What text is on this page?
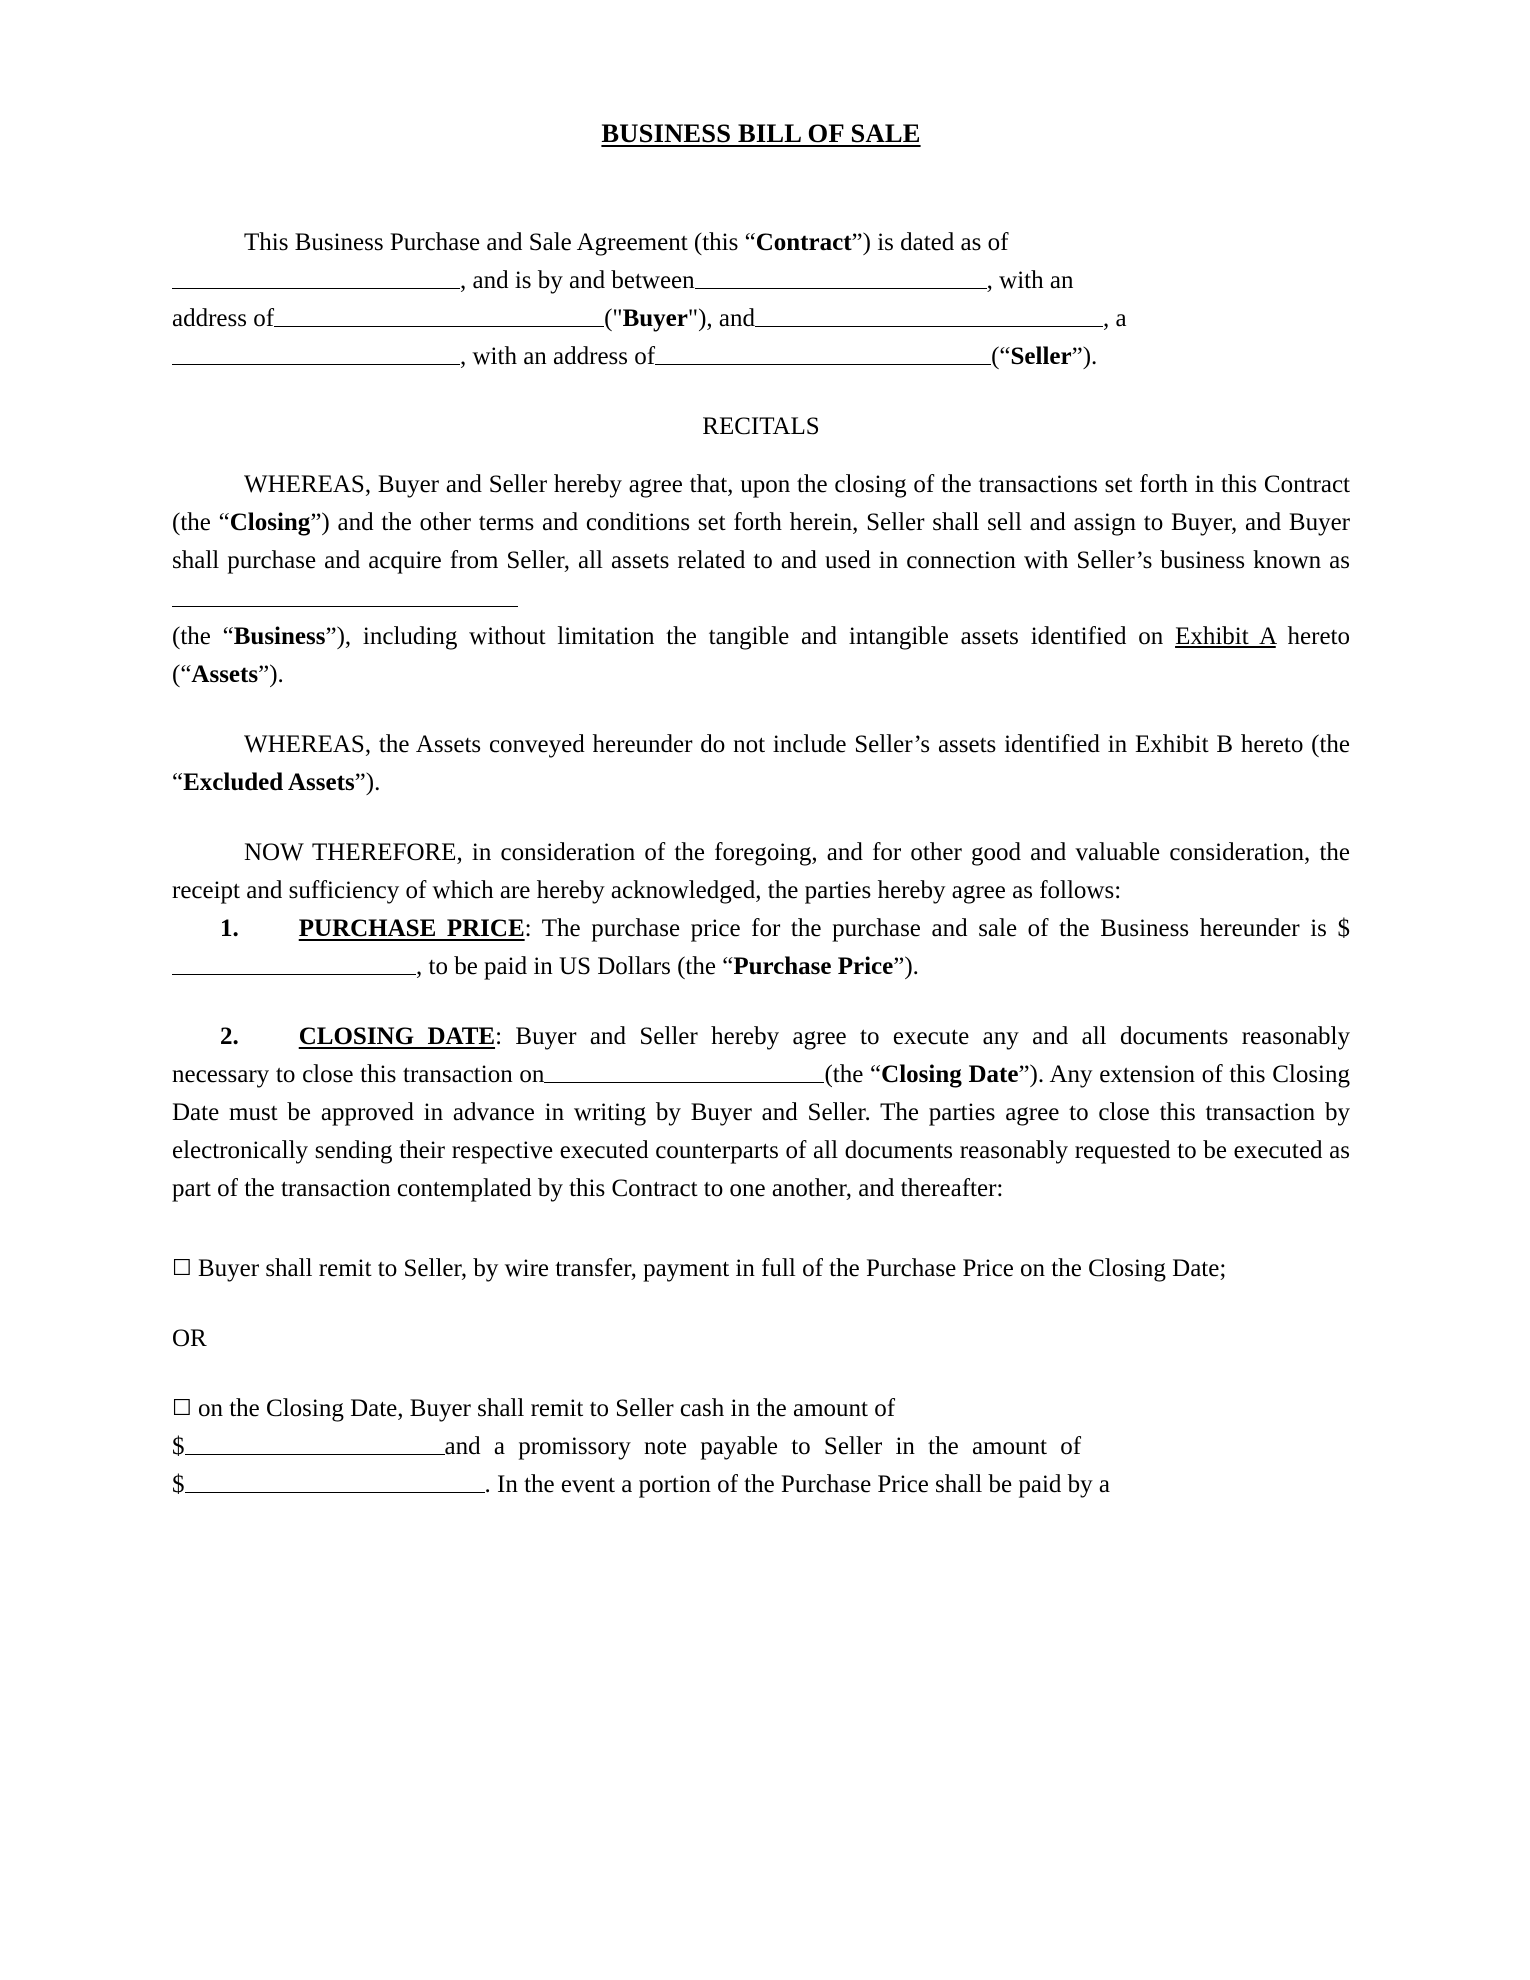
BUSINESS BILL OF SALE
This Business Purchase and Sale Agreement (this “Contract”) is dated as of
, and is by and between	, with an
address of	("Buyer"), and	, a
, with an address of	(“Seller”).
RECITALS
WHEREAS, Buyer and Seller hereby agree that, upon the closing of the transactions set forth in this Contract (the “Closing”) and the other terms and conditions set forth herein, Seller shall sell and assign to Buyer, and Buyer shall purchase and acquire from Seller, all assets related to and used in connection with Seller’s business known as
(the “Business”), including without limitation the tangible and intangible assets identified on Exhibit A hereto (“Assets”).
WHEREAS, the Assets conveyed hereunder do not include Seller’s assets identified in Exhibit B hereto (the “Excluded Assets”).
NOW THEREFORE, in consideration of the foregoing, and for other good and valuable consideration, the receipt and sufficiency of which are hereby acknowledged, the parties hereby agree as follows:
1. PURCHASE PRICE: The purchase price for the purchase and sale of the Business hereunder is $, to be paid in US Dollars (the “Purchase Price”).
2. CLOSING DATE: Buyer and Seller hereby agree to execute any and all documents reasonably necessary to close this transaction on	(the “Closing Date”). Any extension of this Closing Date must be approved in advance in writing by Buyer and Seller. The parties agree to close this transaction by electronically sending their respective executed counterparts of all documents reasonably requested to be executed as part of the transaction contemplated by this Contract to one another, and thereafter:
☐ Buyer shall remit to Seller, by wire transfer, payment in full of the Purchase Price on the Closing Date;
OR
☐ on the Closing Date, Buyer shall remit to Seller cash in the amount of
$	and a promissory note payable to Seller in the amount of
$	. In the event a portion of the Purchase Price shall be paid by a
